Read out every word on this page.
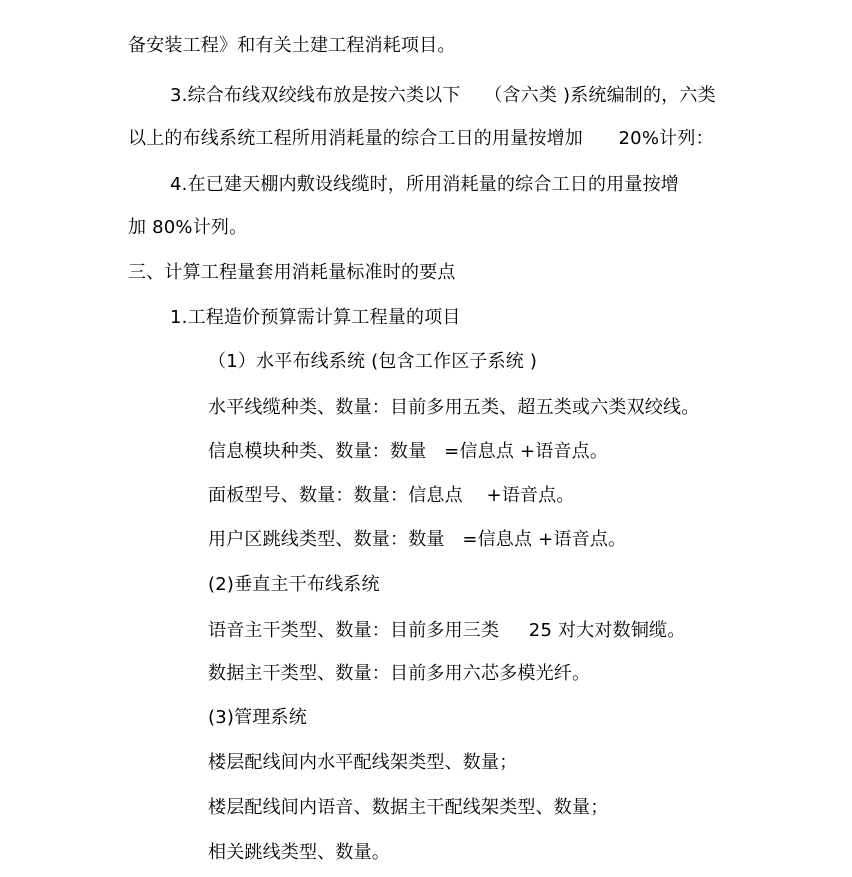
备安装工程》和有关土建工程消耗项目。
3.综合布线双绞线布放是按六类以下    （含六类 )系统编制的，六类
以上的布线系统工程所用消耗量的综合工日的用量按增加      20%计列：
4.在已建天棚内敷设线缆时，所用消耗量的综合工日的用量按增
加 80%计列。
三、计算工程量套用消耗量标准时的要点
1.工程造价预算需计算工程量的项目
（1）水平布线系统 (包含工作区子系统 )
水平线缆种类、数量：目前多用五类、超五类或六类双绞线。
信息模块种类、数量：数量   =信息点 +语音点。
面板型号、数量：数量：信息点    +语音点。
用户区跳线类型、数量：数量   =信息点 +语音点。
(2)垂直主干布线系统
语音主干类型、数量：目前多用三类     25 对大对数铜缆。
数据主干类型、数量：目前多用六芯多模光纤。
(3)管理系统
楼层配线间内水平配线架类型、数量；
楼层配线间内语音、数据主干配线架类型、数量；
相关跳线类型、数量。
